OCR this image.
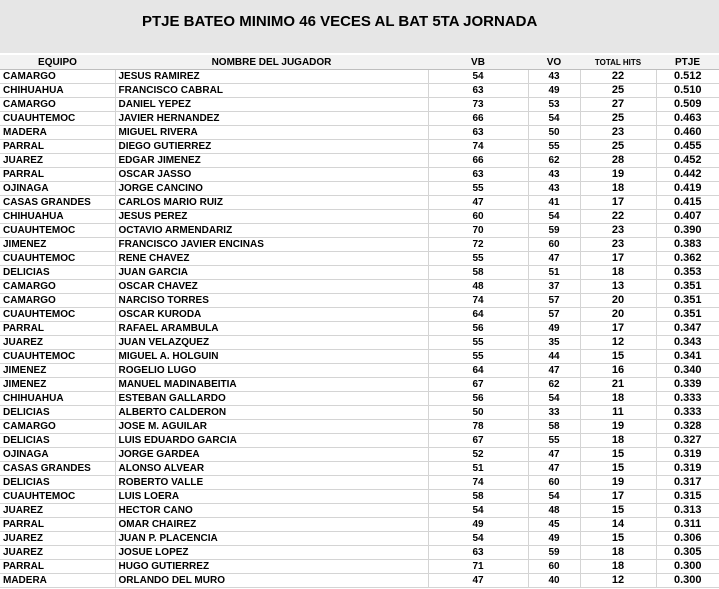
PTJE BATEO MINIMO 46 VECES AL BAT 5TA JORNADA
EQUIPO	NOMBRE DEL JUGADOR	VB	VO	TOTAL HITS	PTJE
CAMARGO	JESUS RAMIREZ	54	43	22	0.512
CHIHUAHUA	FRANCISCO CABRAL	63	49	25	0.510
CAMARGO	DANIEL YEPEZ	73	53	27	0.509
CUAUHTEMOC	JAVIER HERNANDEZ	66	54	25	0.463
MADERA	MIGUEL RIVERA	63	50	23	0.460
PARRAL	DIEGO GUTIERREZ	74	55	25	0.455
JUAREZ	EDGAR JIMENEZ	66	62	28	0.452
PARRAL	OSCAR JASSO	63	43	19	0.442
OJINAGA	JORGE CANCINO	55	43	18	0.419
CASAS GRANDES	CARLOS MARIO RUIZ	47	41	17	0.415
CHIHUAHUA	JESUS PEREZ	60	54	22	0.407
CUAUHTEMOC	OCTAVIO ARMENDARIZ	70	59	23	0.390
JIMENEZ	FRANCISCO JAVIER ENCINAS	72	60	23	0.383
CUAUHTEMOC	RENE CHAVEZ	55	47	17	0.362
DELICIAS	JUAN GARCIA	58	51	18	0.353
CAMARGO	OSCAR CHAVEZ	48	37	13	0.351
CAMARGO	NARCISO TORRES	74	57	20	0.351
CUAUHTEMOC	OSCAR KURODA	64	57	20	0.351
PARRAL	RAFAEL ARAMBULA	56	49	17	0.347
JUAREZ	JUAN VELAZQUEZ	55	35	12	0.343
CUAUHTEMOC	MIGUEL A. HOLGUIN	55	44	15	0.341
JIMENEZ	ROGELIO LUGO	64	47	16	0.340
JIMENEZ	MANUEL MADINABEITIA	67	62	21	0.339
CHIHUAHUA	ESTEBAN GALLARDO	56	54	18	0.333
DELICIAS	ALBERTO CALDERON	50	33	11	0.333
CAMARGO	JOSE M. AGUILAR	78	58	19	0.328
DELICIAS	LUIS EDUARDO GARCIA	67	55	18	0.327
OJINAGA	JORGE GARDEA	52	47	15	0.319
CASAS GRANDES	ALONSO ALVEAR	51	47	15	0.319
DELICIAS	ROBERTO VALLE	74	60	19	0.317
CUAUHTEMOC	LUIS LOERA	58	54	17	0.315
JUAREZ	HECTOR CANO	54	48	15	0.313
PARRAL	OMAR CHAIREZ	49	45	14	0.311
JUAREZ	JUAN P. PLACENCIA	54	49	15	0.306
JUAREZ	JOSUE LOPEZ	63	59	18	0.305
PARRAL	HUGO GUTIERREZ	71	60	18	0.300
MADERA	ORLANDO DEL MURO	47	40	12	0.300
